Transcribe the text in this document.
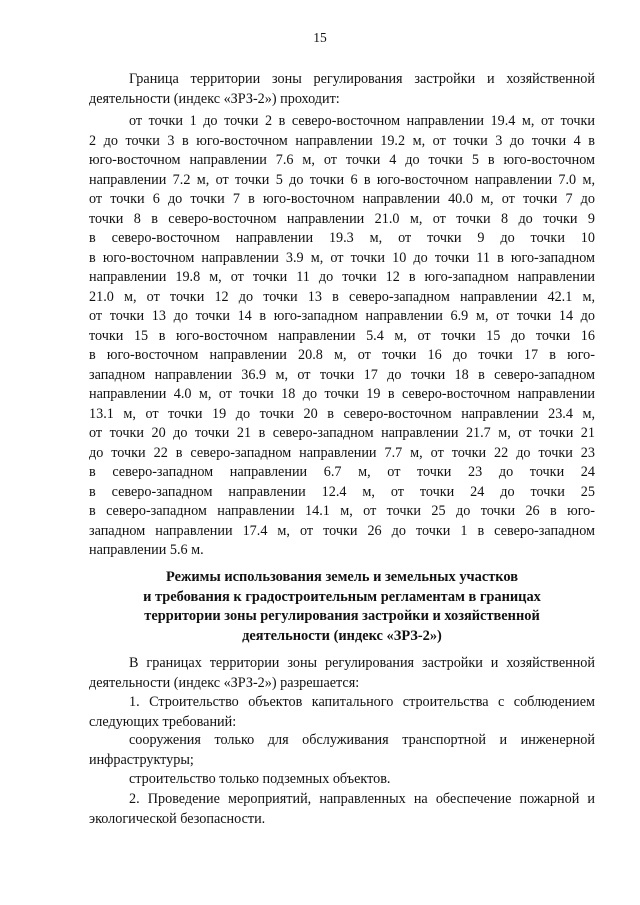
15
Граница территории зоны регулирования застройки и хозяйственной
деятельности (индекс «ЗРЗ-2») проходит:
от точки 1 до точки 2 в северо-восточном направлении 19.4 м, от точки
2 до точки 3 в юго-восточном направлении 19.2 м, от точки 3 до точки 4 в
юго-восточном направлении 7.6 м, от точки 4 до точки 5 в юго-восточном
направлении 7.2 м, от точки 5 до точки 6 в юго-восточном направлении 7.0 м,
от точки 6 до точки 7 в юго-восточном направлении 40.0 м, от точки 7 до
точки 8 в северо-восточном направлении 21.0 м, от точки 8 до точки 9
в северо-восточном направлении 19.3 м, от точки 9 до точки 10
в юго-восточном направлении 3.9 м, от точки 10 до точки 11 в юго-западном
направлении 19.8 м, от точки 11 до точки 12 в юго-западном направлении
21.0 м, от точки 12 до точки 13 в северо-западном направлении 42.1 м,
от точки 13 до точки 14 в юго-западном направлении 6.9 м, от точки 14 до
точки 15 в юго-восточном направлении 5.4 м, от точки 15 до точки 16
в юго-восточном направлении 20.8 м, от точки 16 до точки 17 в юго-
западном направлении 36.9 м, от точки 17 до точки 18 в северо-западном
направлении 4.0 м, от точки 18 до точки 19 в северо-восточном направлении
13.1 м, от точки 19 до точки 20 в северо-восточном направлении 23.4 м,
от точки 20 до точки 21 в северо-западном направлении 21.7 м, от точки 21
до точки 22 в северо-западном направлении 7.7 м, от точки 22 до точки 23
в северо-западном направлении 6.7 м, от точки 23 до точки 24
в северо-западном направлении 12.4 м, от точки 24 до точки 25
в северо-западном направлении 14.1 м, от точки 25 до точки 26 в юго-
западном направлении 17.4 м, от точки 26 до точки 1 в северо-западном
направлении 5.6 м.
Режимы использования земель и земельных участков
и требования к градостроительным регламентам в границах
территории зоны регулирования застройки и хозяйственной
деятельности (индекс «ЗРЗ-2»)
В границах территории зоны регулирования застройки и хозяйственной
деятельности (индекс «ЗРЗ-2») разрешается:
1. Строительство объектов капитального строительства с соблюдением
следующих требований:
сооружения только для обслуживания транспортной и инженерной
инфраструктуры;
строительство только подземных объектов.
2. Проведение мероприятий, направленных на обеспечение пожарной и
экологической безопасности.
